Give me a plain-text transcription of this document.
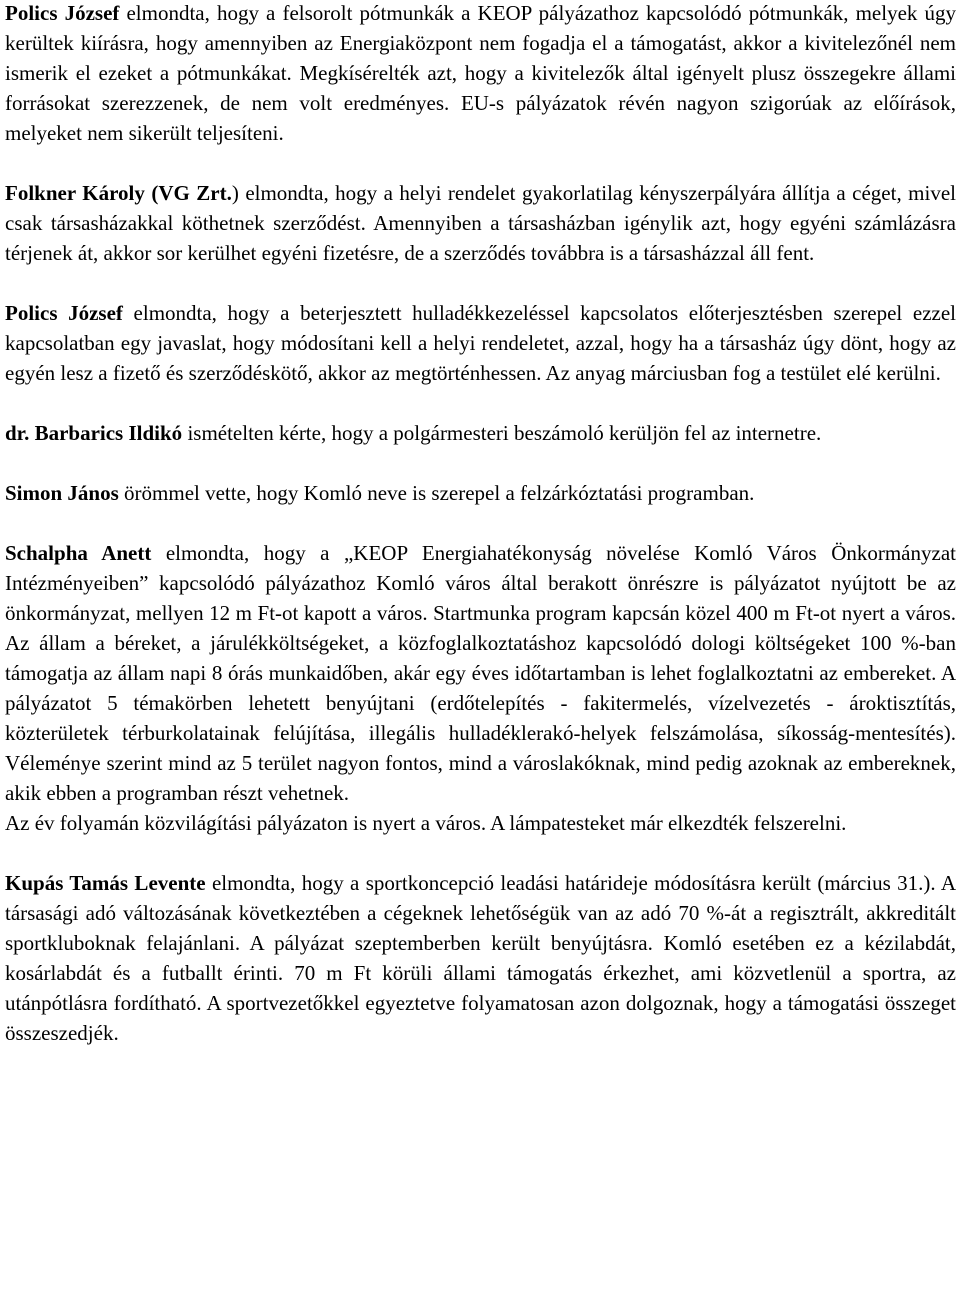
Polics József elmondta, hogy a felsorolt pótmunkák a KEOP pályázathoz kapcsolódó pótmunkák, melyek úgy kerültek kiírásra, hogy amennyiben az Energiaközpont nem fogadja el a támogatást, akkor a kivitelezőnél nem ismerik el ezeket a pótmunkákat. Megkísérelték azt, hogy a kivitelezők által igényelt plusz összegekre állami forrásokat szerezzenek, de nem volt eredményes. EU-s pályázatok révén nagyon szigorúak az előírások, melyeket nem sikerült teljesíteni.

Folkner Károly (VG Zrt.) elmondta, hogy a helyi rendelet gyakorlatilag kényszerpályára állítja a céget, mivel csak társasházakkal köthetnek szerződést. Amennyiben a társasházban igénylik azt, hogy egyéni számlázásra térjenek át, akkor sor kerülhet egyéni fizetésre, de a szerződés továbbra is a társasházzal áll fent.

Polics József elmondta, hogy a beterjesztett hulladékkezeléssel kapcsolatos előterjesztésben szerepel ezzel kapcsolatban egy javaslat, hogy módosítani kell a helyi rendeletet, azzal, hogy ha a társasház úgy dönt, hogy az egyén lesz a fizető és szerződéskötő, akkor az megtörténhessen. Az anyag márciusban fog a testület elé kerülni.

dr. Barbarics Ildikó ismételten kérte, hogy a polgármesteri beszámoló kerüljön fel az internetre.

Simon János örömmel vette, hogy Komló neve is szerepel a felzárkóztatási programban.

Schalpha Anett elmondta, hogy a „KEOP Energiahatékonyság növelése Komló Város Önkormányzat Intézményeiben” kapcsolódó pályázathoz Komló város által berakott önrészre is pályázatot nyújtott be az önkormányzat, mellyen 12 m Ft-ot kapott a város. Startmunka program kapcsán közel 400 m Ft-ot nyert a város. Az állam a béreket, a járulékköltségeket, a közfoglalkoztatáshoz kapcsolódó dologi költségeket 100 %-ban támogatja az állam napi 8 órás munkaidőben, akár egy éves időtartamban is lehet foglalkoztatni az embereket. A pályázatot 5 témakörben lehetett benyújtani (erdőtelepítés - fakitermelés, vízelvezetés - ároktisztítás, közterületek térburkolatainak felújítása, illegális hulladéklerakó-helyek felszámolása, síkosság-mentesítés). Véleménye szerint mind az 5 terület nagyon fontos, mind a városlakóknak, mind pedig azoknak az embereknek, akik ebben a programban részt vehetnek.

Az év folyamán közvilágítási pályázaton is nyert a város. A lámpatesteket már elkezdték felszerelni.

Kupás Tamás Levente elmondta, hogy a sportkoncepció leadási határideje módosításra került (március 31.). A társasági adó változásának következtében a cégeknek lehetőségük van az adó 70 %-át a regisztrált, akkreditált sportkluboknak felajánlani. A pályázat szeptemberben került benyújtásra. Komló esetében ez a kézilabdát, kosárlabdát és a futballt érinti. 70 m Ft körüli állami támogatás érkezhet, ami közvetlenül a sportra, az utánpótlásra fordítható. A sportvezetőkkel egyeztetve folyamatosan azon dolgoznak, hogy a támogatási összeget összeszedjék.
